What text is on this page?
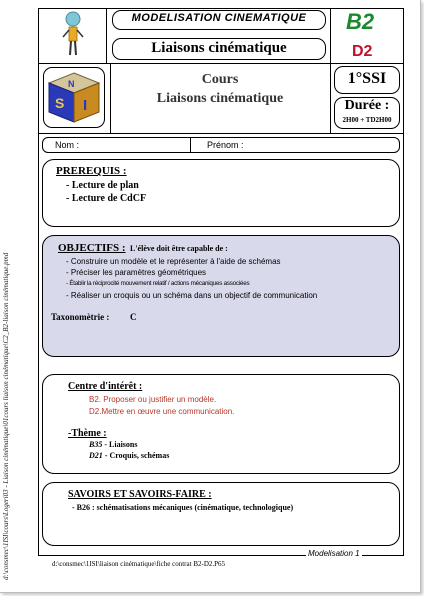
d:\consmec\1ISI\cours\Logeri03 - Liaison cinématique\01cours liaison cinématique\C2_B2-liaison cinématique.pmd
MODELISATION CINEMATIQUE
Liaisons cinématique
B2
D2
N
S I
Cours
Liaisons cinématique
1°SSI
Durée :
2H00 + TD2H00
Nom :	Prénom :
PREREQUIS :
- Lecture de plan
- Lecture de CdCF
OBJECTIFS : L'élève doit être capable de :
- Construire un modèle et le représenter à l'aide de schémas
- Préciser les paramètres géométriques
- Établir la réciprocité mouvement relatif / actions mécaniques associées
- Réaliser un croquis ou un schéma dans un objectif de communication
Taxonomètrie : C
Centre d'intérêt :
B2. Proposer ou justifier un modèle.
D2.Mettre en œuvre une communication.
-Thème :
B35 - Liaisons
D21 - Croquis, schémas
SAVOIRS ET SAVOIRS-FAIRE :
- B26 : schématisations mécaniques (cinématique, technologique)
Modelisation 1
d:\consmec\1ISI\liaison cinématique\fiche contrat B2-D2.P65
